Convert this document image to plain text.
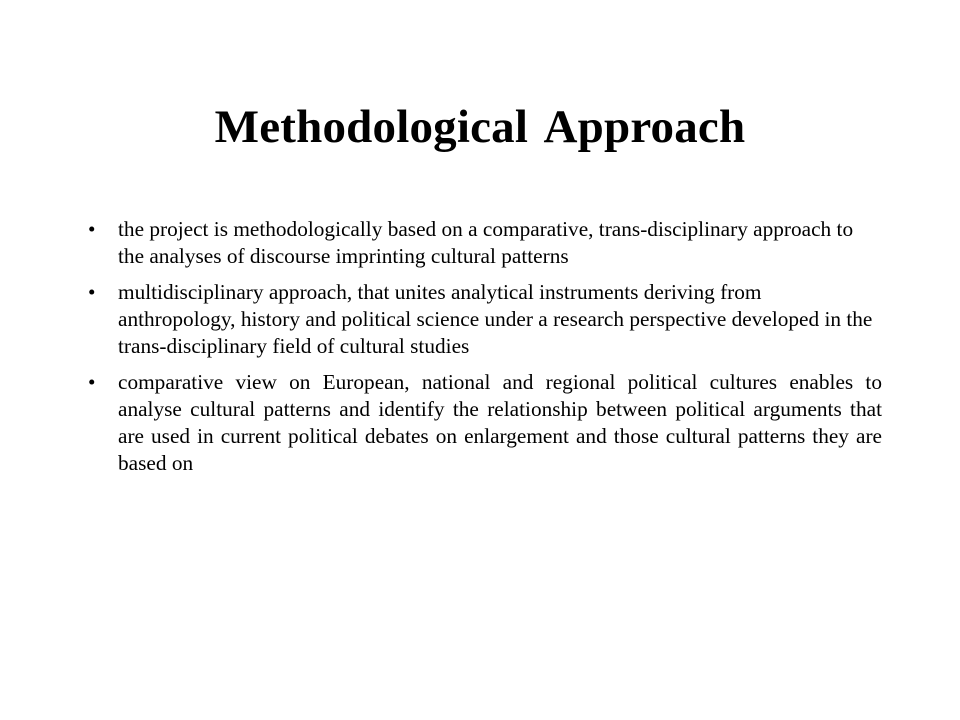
Methodological Approach
•	the project is methodologically based on a comparative, trans-disciplinary approach to the analyses of discourse imprinting cultural patterns
•	multidisciplinary approach, that unites analytical instruments deriving from anthropology, history and political science under a research perspective developed in the trans-disciplinary field of cultural studies
•	comparative view on European, national and regional political cultures enables to analyse cultural patterns and identify the relationship between political arguments that are used in current political debates on enlargement and those cultural patterns they are based on
